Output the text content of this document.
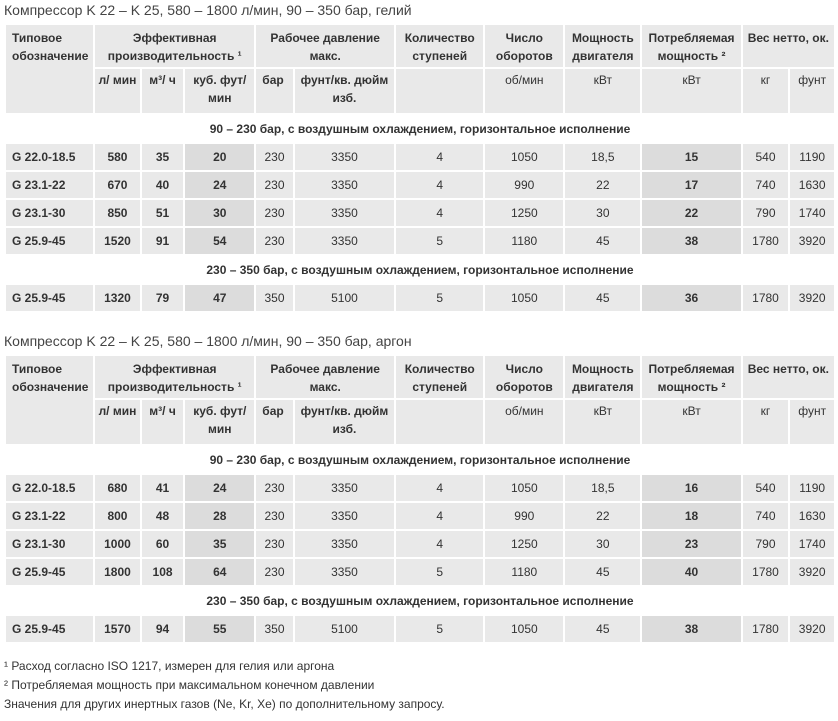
Компрессор K 22 – K 25, 580 – 1800 л/мин, 90 – 350 бар, гелий
Типовое обозначение	Эффективная производительность ¹			Рабочее давление макс.		Количество ступеней	Число оборотов	Мощность двигателя	Потребляемая мощность ²	Вес нетто, ок.	
	л/ мин	м³/ ч	куб. фут/ мин	бар	фунт/кв. дюйм изб.		об/мин	кВт	кВт	кг	фунт
90 – 230 бар, с воздушным охлаждением, горизонтальное исполнение											
G 22.0-18.5	580	35	20	230	3350	4	1050	18,5	15	540	1190
G 23.1-22	670	40	24	230	3350	4	990	22	17	740	1630
G 23.1-30	850	51	30	230	3350	4	1250	30	22	790	1740
G 25.9-45	1520	91	54	230	3350	5	1180	45	38	1780	3920
230 – 350 бар, с воздушным охлаждением, горизонтальное исполнение											
G 25.9-45	1320	79	47	350	5100	5	1050	45	36	1780	3920
Компрессор K 22 – K 25, 580 – 1800 л/мин, 90 – 350 бар, аргон
Типовое обозначение	Эффективная производительность ¹			Рабочее давление макс.		Количество ступеней	Число оборотов	Мощность двигателя	Потребляемая мощность ²	Вес нетто, ок.	
	л/ мин	м³/ ч	куб. фут/ мин	бар	фунт/кв. дюйм изб.		об/мин	кВт	кВт	кг	фунт
90 – 230 бар, с воздушным охлаждением, горизонтальное исполнение											
G 22.0-18.5	680	41	24	230	3350	4	1050	18,5	16	540	1190
G 23.1-22	800	48	28	230	3350	4	990	22	18	740	1630
G 23.1-30	1000	60	35	230	3350	4	1250	30	23	790	1740
G 25.9-45	1800	108	64	230	3350	5	1180	45	40	1780	3920
230 – 350 бар, с воздушным охлаждением, горизонтальное исполнение											
G 25.9-45	1570	94	55	350	5100	5	1050	45	38	1780	3920
¹ Расход согласно ISO 1217, измерен для гелия или аргона
² Потребляемая мощность при максимальном конечном давлении
Значения для других инертных газов (Ne, Kr, Xe) по дополнительному запросу.
